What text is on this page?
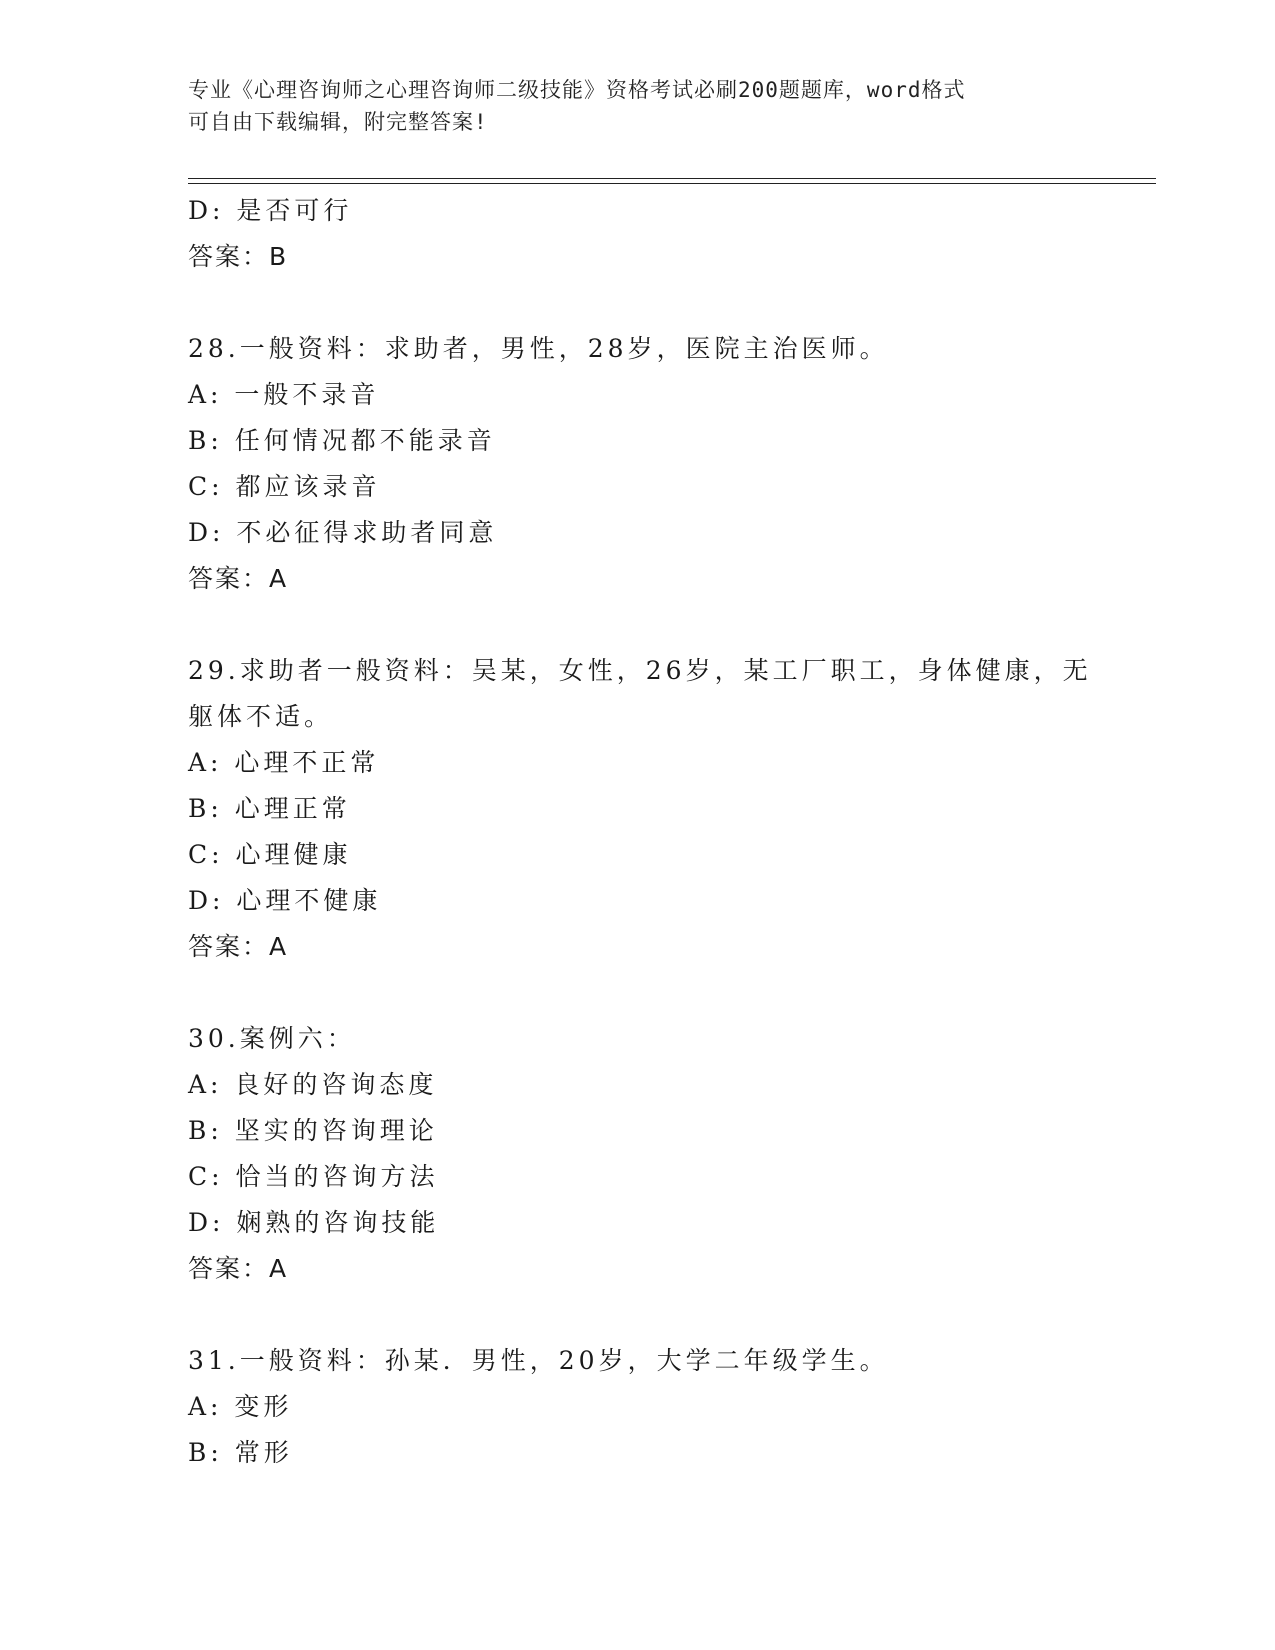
专业《心理咨询师之心理咨询师二级技能》资格考试必刷200题题库，word格式
可自由下载编辑，附完整答案!
D: 是否可行
答案：B
28.一般资料：求助者，男性，28岁，医院主治医师。
A: 一般不录音
B: 任何情况都不能录音
C: 都应该录音
D: 不必征得求助者同意
答案：A
29.求助者一般资料：吴某，女性，26岁，某工厂职工，身体健康，无
躯体不适。
A: 心理不正常
B: 心理正常
C: 心理健康
D: 心理不健康
答案：A
30.案例六：
A: 良好的咨询态度
B: 坚实的咨询理论
C: 恰当的咨询方法
D: 娴熟的咨询技能
答案：A
31.一般资料：孙某．男性，20岁，大学二年级学生。
A: 变形
B: 常形
